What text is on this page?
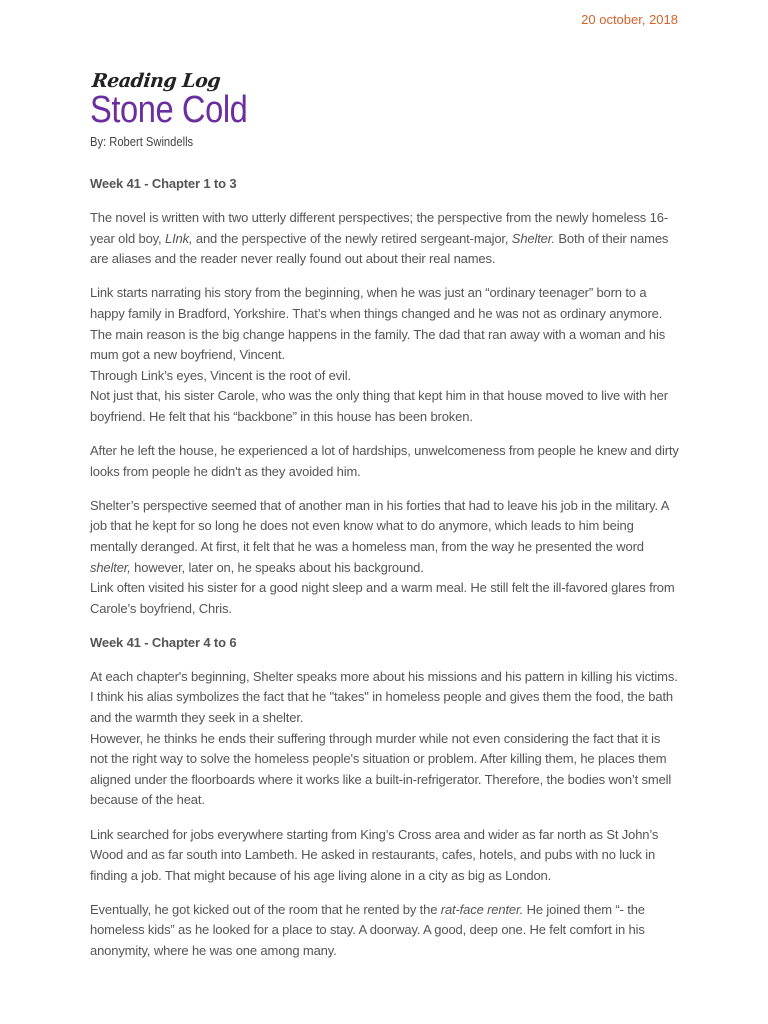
20 october, 2018
Reading Log
Stone Cold
By: Robert Swindells

Week 41 - Chapter 1 to 3

The novel is written with two utterly different perspectives; the perspective from the newly homeless 16-year old boy, LInk, and the perspective of the newly retired sergeant-major, Shelter. Both of their names are aliases and the reader never really found out about their real names.

Link starts narrating his story from the beginning, when he was just an “ordinary teenager” born to a happy family in Bradford, Yorkshire. That’s when things changed and he was not as ordinary anymore. The main reason is the big change happens in the family. The dad that ran away with a woman and his mum got a new boyfriend, Vincent.
Through Link’s eyes, Vincent is the root of evil.
Not just that, his sister Carole, who was the only thing that kept him in that house moved to live with her boyfriend. He felt that his “backbone” in this house has been broken.

After he left the house, he experienced a lot of hardships, unwelcomeness from people he knew and dirty looks from people he didn't as they avoided him.

Shelter’s perspective seemed that of another man in his forties that had to leave his job in the military. A job that he kept for so long he does not even know what to do anymore, which leads to him being mentally deranged. At first, it felt that he was a homeless man, from the way he presented the word shelter, however, later on, he speaks about his background.
Link often visited his sister for a good night sleep and a warm meal. He still felt the ill-favored glares from Carole’s boyfriend, Chris.

Week 41 - Chapter 4 to 6

At each chapter's beginning, Shelter speaks more about his missions and his pattern in killing his victims. I think his alias symbolizes the fact that he "takes" in homeless people and gives them the food, the bath and the warmth they seek in a shelter.
However, he thinks he ends their suffering through murder while not even considering the fact that it is not the right way to solve the homeless people's situation or problem. After killing them, he places them aligned under the floorboards where it works like a built-in-refrigerator. Therefore, the bodies won’t smell because of the heat.

Link searched for jobs everywhere starting from King’s Cross area and wider as far north as St John’s Wood and as far south into Lambeth. He asked in restaurants, cafes, hotels, and pubs with no luck in finding a job. That might because of his age living alone in a city as big as London.

Eventually, he got kicked out of the room that he rented by the rat-face renter. He joined them “- the homeless kids” as he looked for a place to stay. A doorway. A good, deep one. He felt comfort in his anonymity, where he was one among many.
